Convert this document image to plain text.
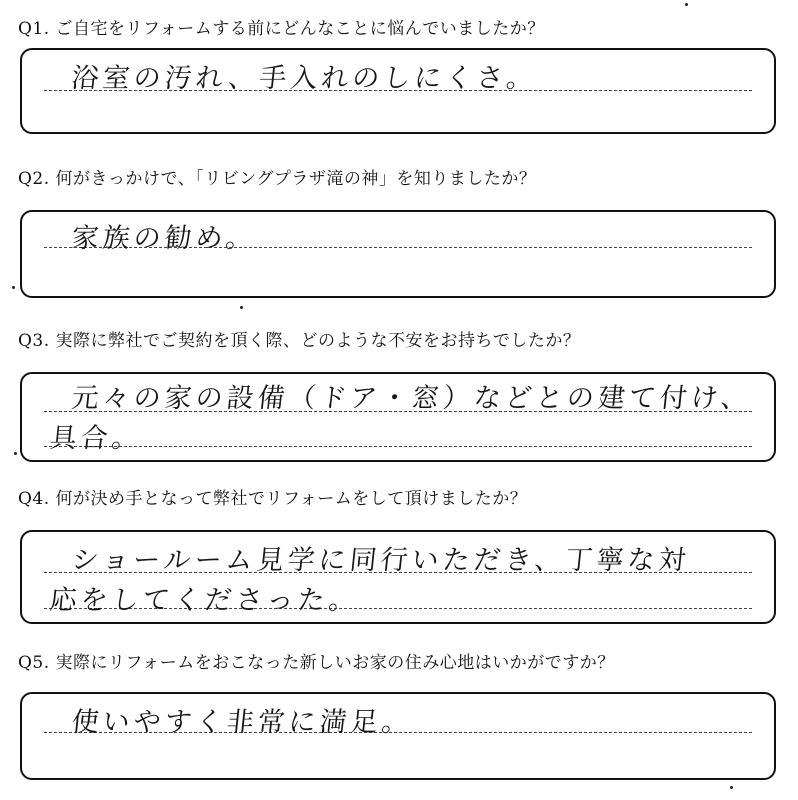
Q1. ご自宅をリフォームする前にどんなことに悩んでいましたか？
浴室の汚れ、手入れのしにくさ。
Q2. 何がきっかけで、「リビングプラザ滝の神」を知りましたか？
家族の勧め。
Q3. 実際に弊社でご契約を頂く際、どのような不安をお持ちでしたか？
元々の家の設備（ドア・窓）などとの建て付け、
具合。
Q4. 何が決め手となって弊社でリフォームをして頂けましたか？
ショールーム見学に同行いただき、丁寧な対
応をしてくださった。
Q5. 実際にリフォームをおこなった新しいお家の住み心地はいかがですか？
使いやすく非常に満足。
